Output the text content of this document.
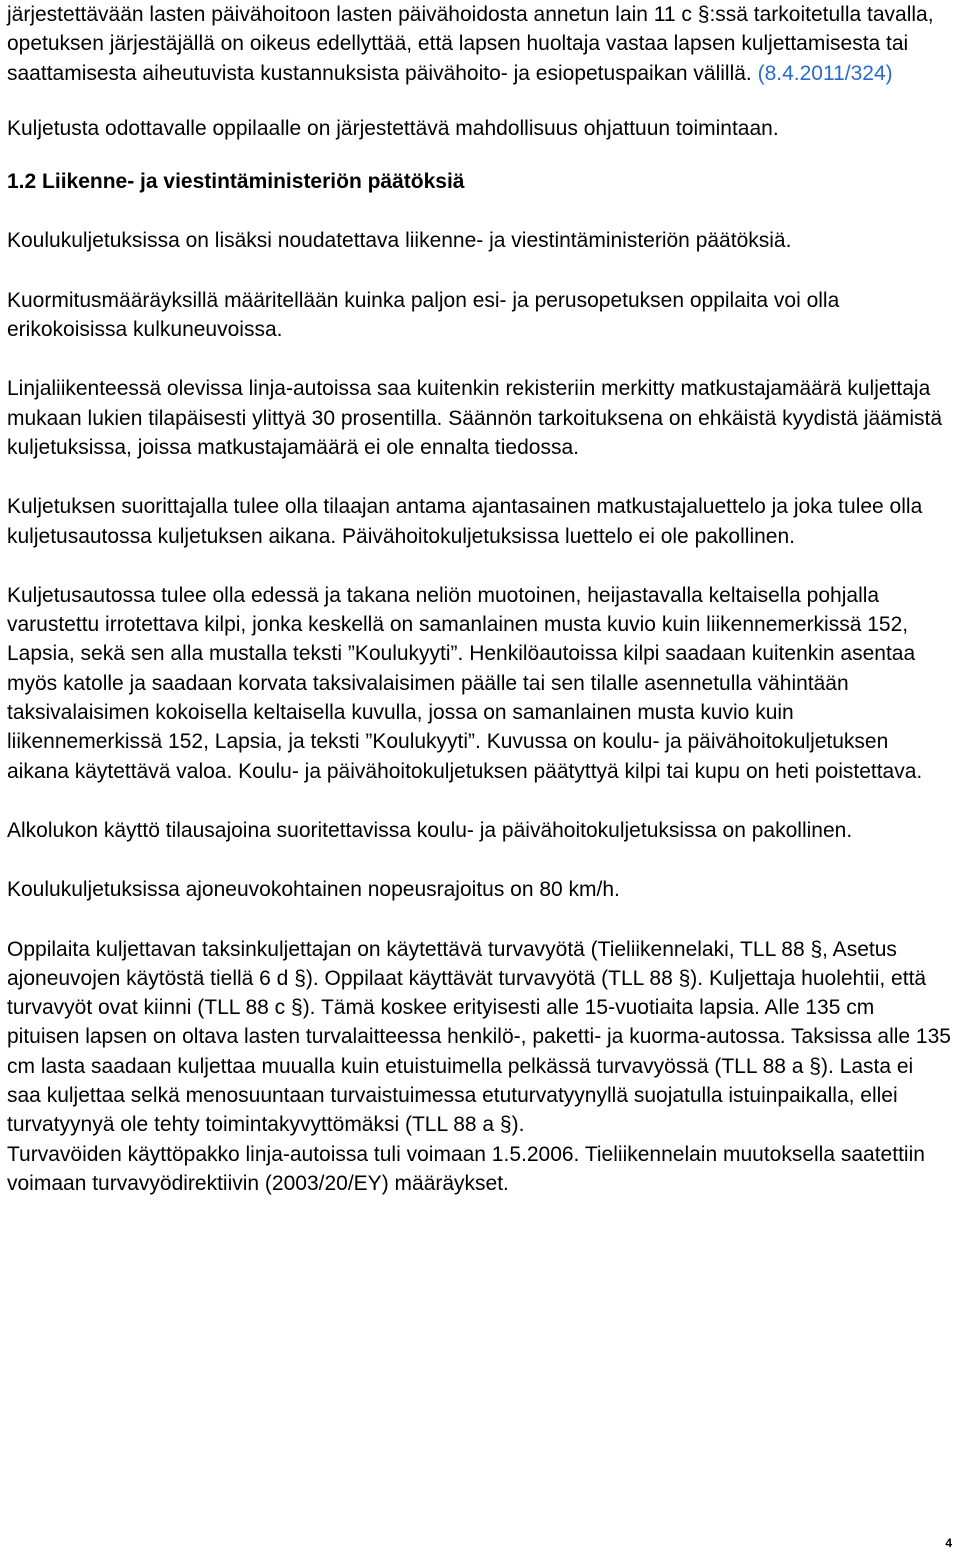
järjestettävään lasten päivähoitoon lasten päivähoidosta annetun lain 11 c §:ssä tarkoitetulla tavalla, opetuksen järjestäjällä on oikeus edellyttää, että lapsen huoltaja vastaa lapsen kuljettamisesta tai saattamisesta aiheutuvista kustannuksista päivähoito- ja esiopetuspaikan välillä. (8.4.2011/324)

Kuljetusta odottavalle oppilaalle on järjestettävä mahdollisuus ohjattuun toimintaan.

1.2 Liikenne- ja viestintäministeriön päätöksiä

Koulukuljetuksissa on lisäksi noudatettava liikenne- ja viestintäministeriön päätöksiä.

Kuormitusmääräyksillä määritellään kuinka paljon esi- ja perusopetuksen oppilaita voi olla erikokoisissa kulkuneuvoissa.

Linjaliikenteessä olevissa linja-autoissa saa kuitenkin rekisteriin merkitty matkustajamäärä kuljettaja mukaan lukien tilapäisesti ylittyä 30 prosentilla. Säännön tarkoituksena on ehkäistä kyydistä jäämistä kuljetuksissa, joissa matkustajamäärä ei ole ennalta tiedossa.

Kuljetuksen suorittajalla tulee olla tilaajan antama ajantasainen matkustajaluettelo ja joka tulee olla kuljetusautossa kuljetuksen aikana. Päivähoitokuljetuksissa luettelo ei ole pakollinen.

Kuljetusautossa tulee olla edessä ja takana neliön muotoinen, heijastavalla keltaisella pohjalla varustettu irrotettava kilpi, jonka keskellä on samanlainen musta kuvio kuin liikennemerkissä 152, Lapsia, sekä sen alla mustalla teksti ”Koulukyyti”. Henkilöautoissa kilpi saadaan kuitenkin asentaa myös katolle ja saadaan korvata taksivalaisimen päälle tai sen tilalle asennetulla vähintään taksivalaisimen kokoisella keltaisella kuvulla, jossa on samanlainen musta kuvio kuin liikennemerkissä 152, Lapsia, ja teksti ”Koulukyyti”. Kuvussa on koulu- ja päivähoitokuljetuksen aikana käytettävä valoa. Koulu- ja päivähoitokuljetuksen päätyttyä kilpi tai kupu on heti poistettava.

Alkolukon käyttö tilausajoina suoritettavissa koulu- ja päivähoitokuljetuksissa on pakollinen.

Koulukuljetuksissa ajoneuvokohtainen nopeusrajoitus on 80 km/h.

Oppilaita kuljettavan taksinkuljettajan on käytettävä turvavyötä (Tieliikennelaki, TLL 88 §, Asetus ajoneuvojen käytöstä tiellä 6 d §). Oppilaat käyttävät turvavyötä (TLL 88 §). Kuljettaja huolehtii, että turvavyöt ovat kiinni (TLL 88 c §). Tämä koskee erityisesti alle 15-vuotiaita lapsia. Alle 135 cm pituisen lapsen on oltava lasten turvalaitteessa henkilö-, paketti- ja kuorma-autossa. Taksissa alle 135 cm lasta saadaan kuljettaa muualla kuin etuistuimella pelkässä turvavyössä (TLL 88 a §). Lasta ei saa kuljettaa selkä menosuuntaan turvaistuimessa etuturvatyynyllä suojatulla istuinpaikalla, ellei turvatyynyä ole tehty toimintakyvyttömäksi (TLL 88 a §).

Turvavöiden käyttöpakko linja-autoissa tuli voimaan 1.5.2006. Tieliikennelain muutoksella saatettiin voimaan turvavyödirektiivin (2003/20/EY) määräykset.

4
